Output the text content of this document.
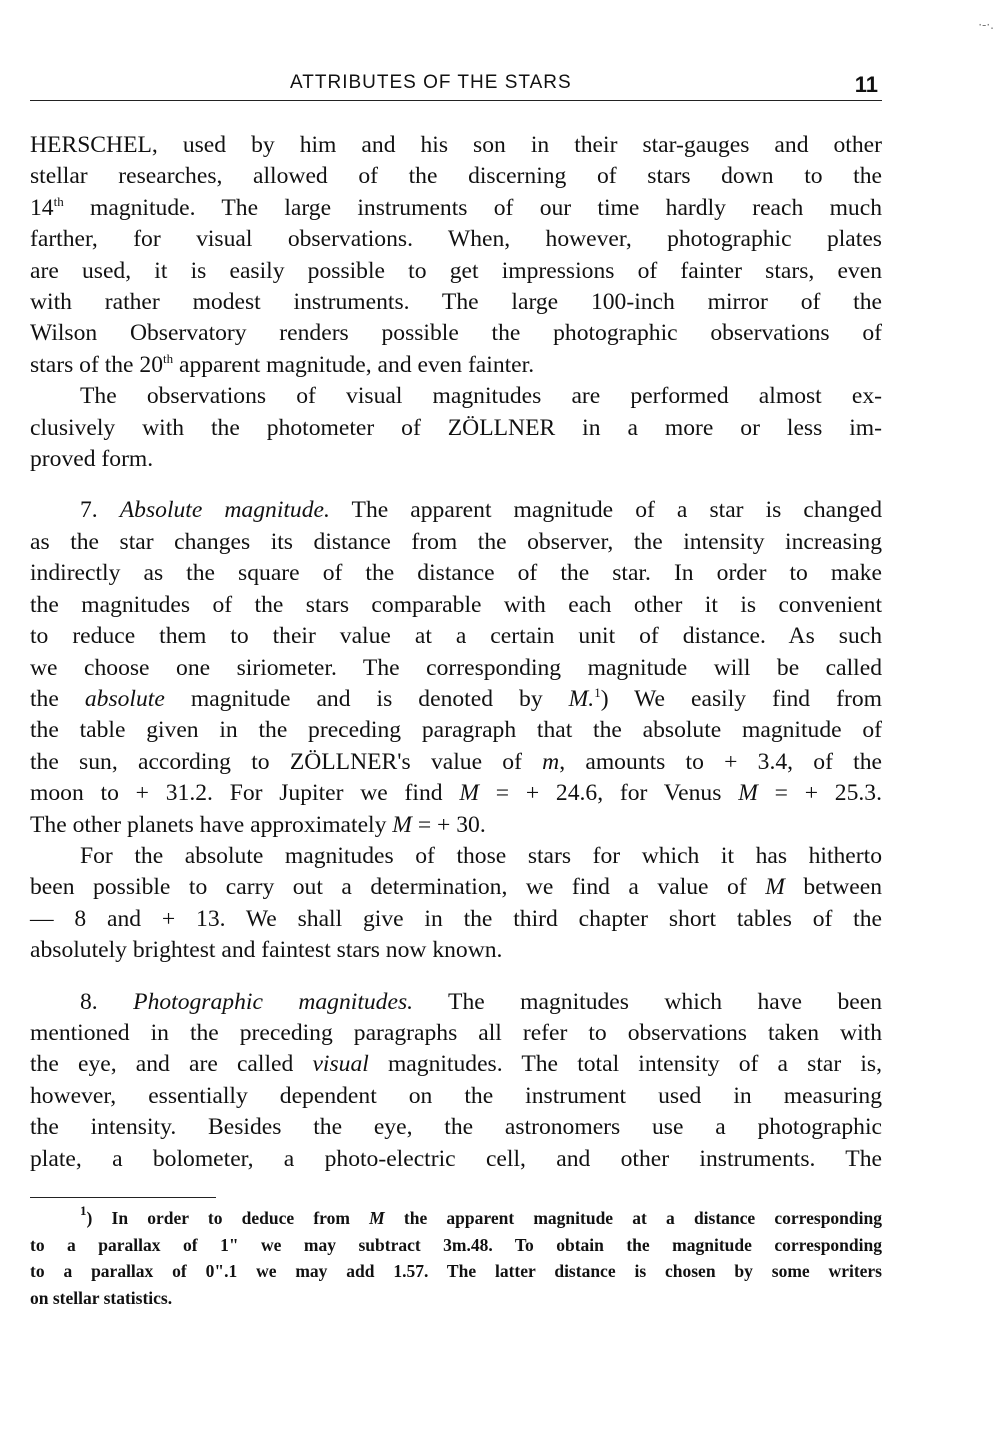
·-·.
ATTRIBUTES OF THE STARS	11
HERSCHEL, used by him and his son in their star-gauges and other
stellar researches, allowed of the discerning of stars down to the
14th magnitude. The large instruments of our time hardly reach much
farther, for visual observations. When, however, photographic plates
are used, it is easily possible to get impressions of fainter stars, even
with rather modest instruments. The large 100-inch mirror of the
Wilson Observatory renders possible the photographic observations of
stars of the 20th apparent magnitude, and even fainter.
The observations of visual magnitudes are performed almost ex-
clusively with the photometer of ZÖLLNER in a more or less im-
proved form.
7. Absolute magnitude. The apparent magnitude of a star is changed
as the star changes its distance from the observer, the intensity increasing
indirectly as the square of the distance of the star. In order to make
the magnitudes of the stars comparable with each other it is convenient
to reduce them to their value at a certain unit of distance. As such
we choose one siriometer. The corresponding magnitude will be called
the absolute magnitude and is denoted by M.$^1$) We easily find from
the table given in the preceding paragraph that the absolute magnitude of
the sun, according to ZÖLLNER's value of m, amounts to + 3.4, of the
moon to + 31.2. For Jupiter we find M = + 24.6, for Venus M = + 25.3.
The other planets have approximately M = + 30.
For the absolute magnitudes of those stars for which it has hitherto
been possible to carry out a determination, we find a value of M between
— 8 and + 13. We shall give in the third chapter short tables of the
absolutely brightest and faintest stars now known.
8. Photographic magnitudes. The magnitudes which have been
mentioned in the preceding paragraphs all refer to observations taken with
the eye, and are called visual magnitudes. The total intensity of a star is,
however, essentially dependent on the instrument used in measuring
the intensity. Besides the eye, the astronomers use a photographic
plate, a bolometer, a photo-electric cell, and other instruments. The
$^1$) In order to deduce from M the apparent magnitude at a distance corresponding
to a parallax of 1" we may subtract 3m.48. To obtain the magnitude corresponding
to a parallax of 0".1 we may add 1.57. The latter distance is chosen by some writers
on stellar statistics.
